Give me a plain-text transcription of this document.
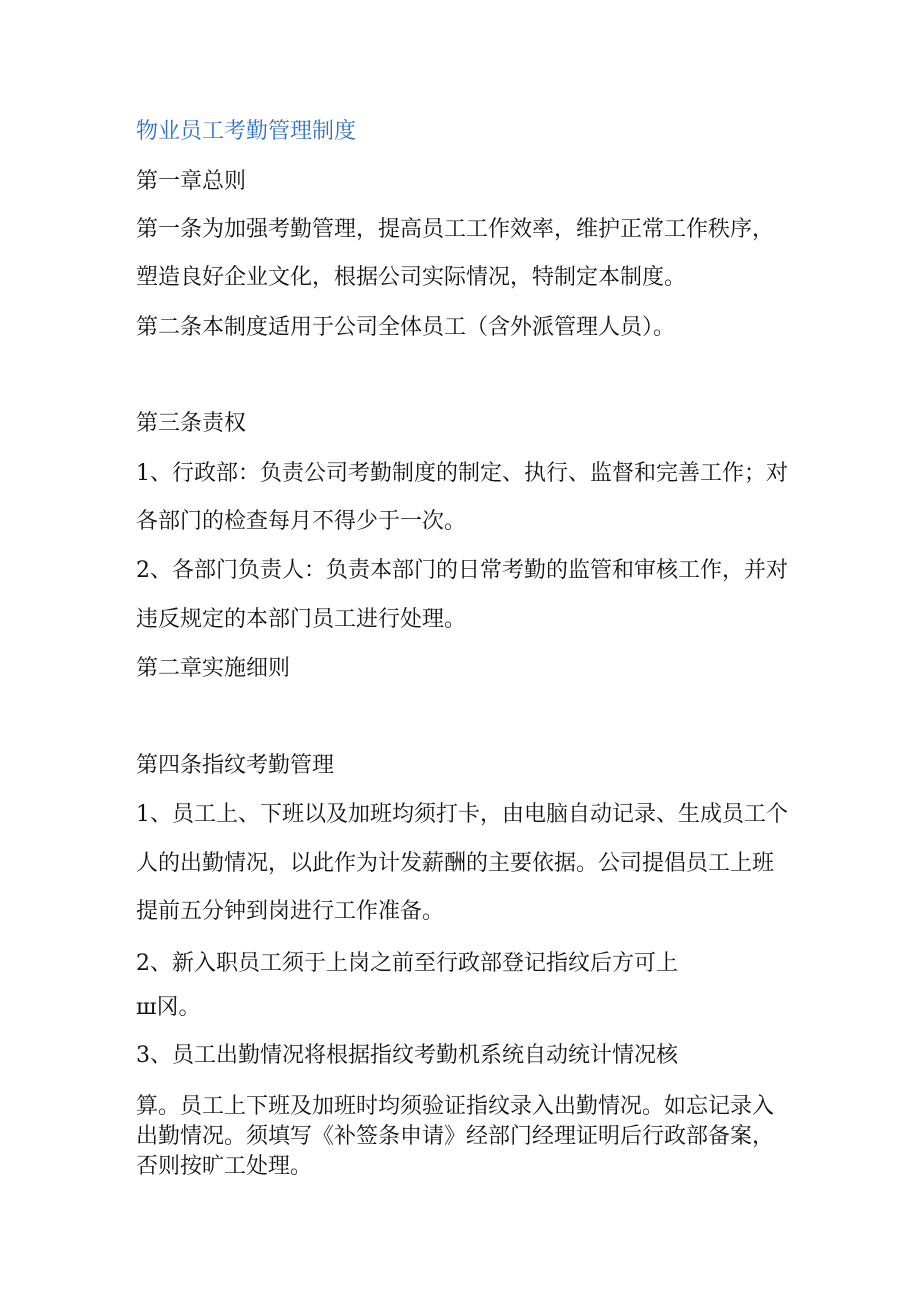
物业员工考勤管理制度

第一章总则

第一条为加强考勤管理，提高员工工作效率，维护正常工作秩序，

塑造良好企业文化，根据公司实际情况，特制定本制度。

第二条本制度适用于公司全体员工（含外派管理人员）。

第三条责权

1、行政部：负责公司考勤制度的制定、执行、监督和完善工作；对

各部门的检查每月不得少于一次。

2、各部门负责人：负责本部门的日常考勤的监管和审核工作，并对

违反规定的本部门员工进行处理。

第二章实施细则

第四条指纹考勤管理

1、员工上、下班以及加班均须打卡，由电脑自动记录、生成员工个

人的出勤情况，以此作为计发薪酬的主要依据。公司提倡员工上班

提前五分钟到岗进行工作准备。

2、新入职员工须于上岗之前至行政部登记指纹后方可上

ш冈。

3、员工出勤情况将根据指纹考勤机系统自动统计情况核

算。员工上下班及加班时均须验证指纹录入出勤情况。如忘记录入

出勤情况。须填写《补签条申请》经部门经理证明后行政部备案，

否则按旷工处理。
